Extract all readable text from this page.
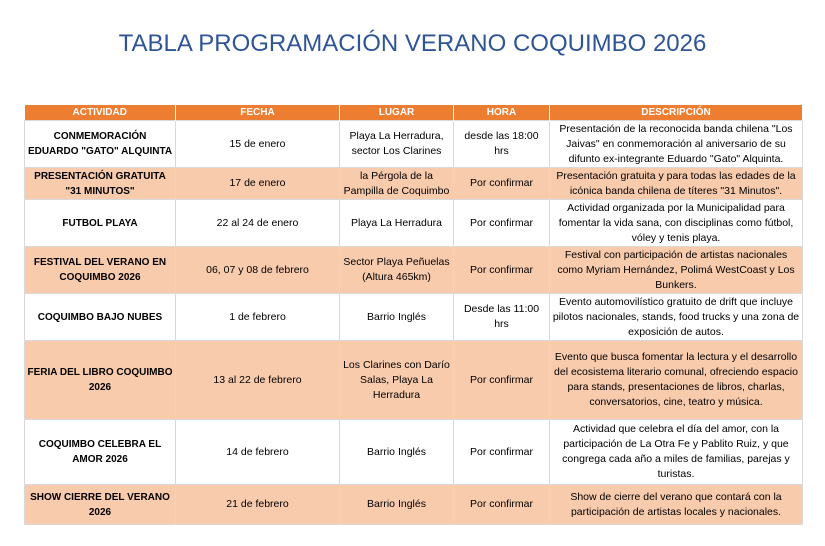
TABLA PROGRAMACIÓN VERANO COQUIMBO 2026
ACTIVIDAD	FECHA	LUGAR	HORA	DESCRIPCIÓN
CONMEMORACIÓN EDUARDO "GATO" ALQUINTA	15 de enero	Playa La Herradura, sector Los Clarines	desde las 18:00 hrs	Presentación de la reconocida banda chilena "Los Jaivas" en conmemoración al aniversario de su difunto ex-integrante Eduardo "Gato" Alquinta.
PRESENTACIÓN GRATUITA "31 MINUTOS"	17 de enero	la Pérgola de la Pampilla de Coquimbo	Por confirmar	Presentación gratuita y para todas las edades de la icónica banda chilena de títeres "31 Minutos".
FUTBOL PLAYA	22 al 24 de enero	Playa La Herradura	Por confirmar	Actividad organizada por la Municipalidad para fomentar la vida sana, con disciplinas como fútbol, vóley y tenis playa.
FESTIVAL DEL VERANO EN COQUIMBO 2026	06, 07 y 08 de febrero	Sector Playa Peñuelas (Altura 465km)	Por confirmar	Festival con participación de artistas nacionales como Myriam Hernández, Polimá WestCoast y Los Bunkers.
COQUIMBO BAJO NUBES	1 de febrero	Barrio Inglés	Desde las 11:00 hrs	Evento automovilístico gratuito de drift que incluye pilotos nacionales, stands, food trucks y una zona de exposición de autos.
FERIA DEL LIBRO COQUIMBO 2026	13 al 22 de febrero	Los Clarines con Darío Salas, Playa La Herradura	Por confirmar	Evento que busca fomentar la lectura y el desarrollo del ecosistema literario comunal, ofreciendo espacio para stands, presentaciones de libros, charlas, conversatorios, cine, teatro y música.
COQUIMBO CELEBRA EL AMOR 2026	14 de febrero	Barrio Inglés	Por confirmar	Actividad que celebra el día del amor, con la participación de La Otra Fe y Pablito Ruiz, y que congrega cada año a miles de familias, parejas y turistas.
SHOW CIERRE DEL VERANO 2026	21 de febrero	Barrio Inglés	Por confirmar	Show de cierre del verano que contará con la participación de artistas locales y nacionales.
